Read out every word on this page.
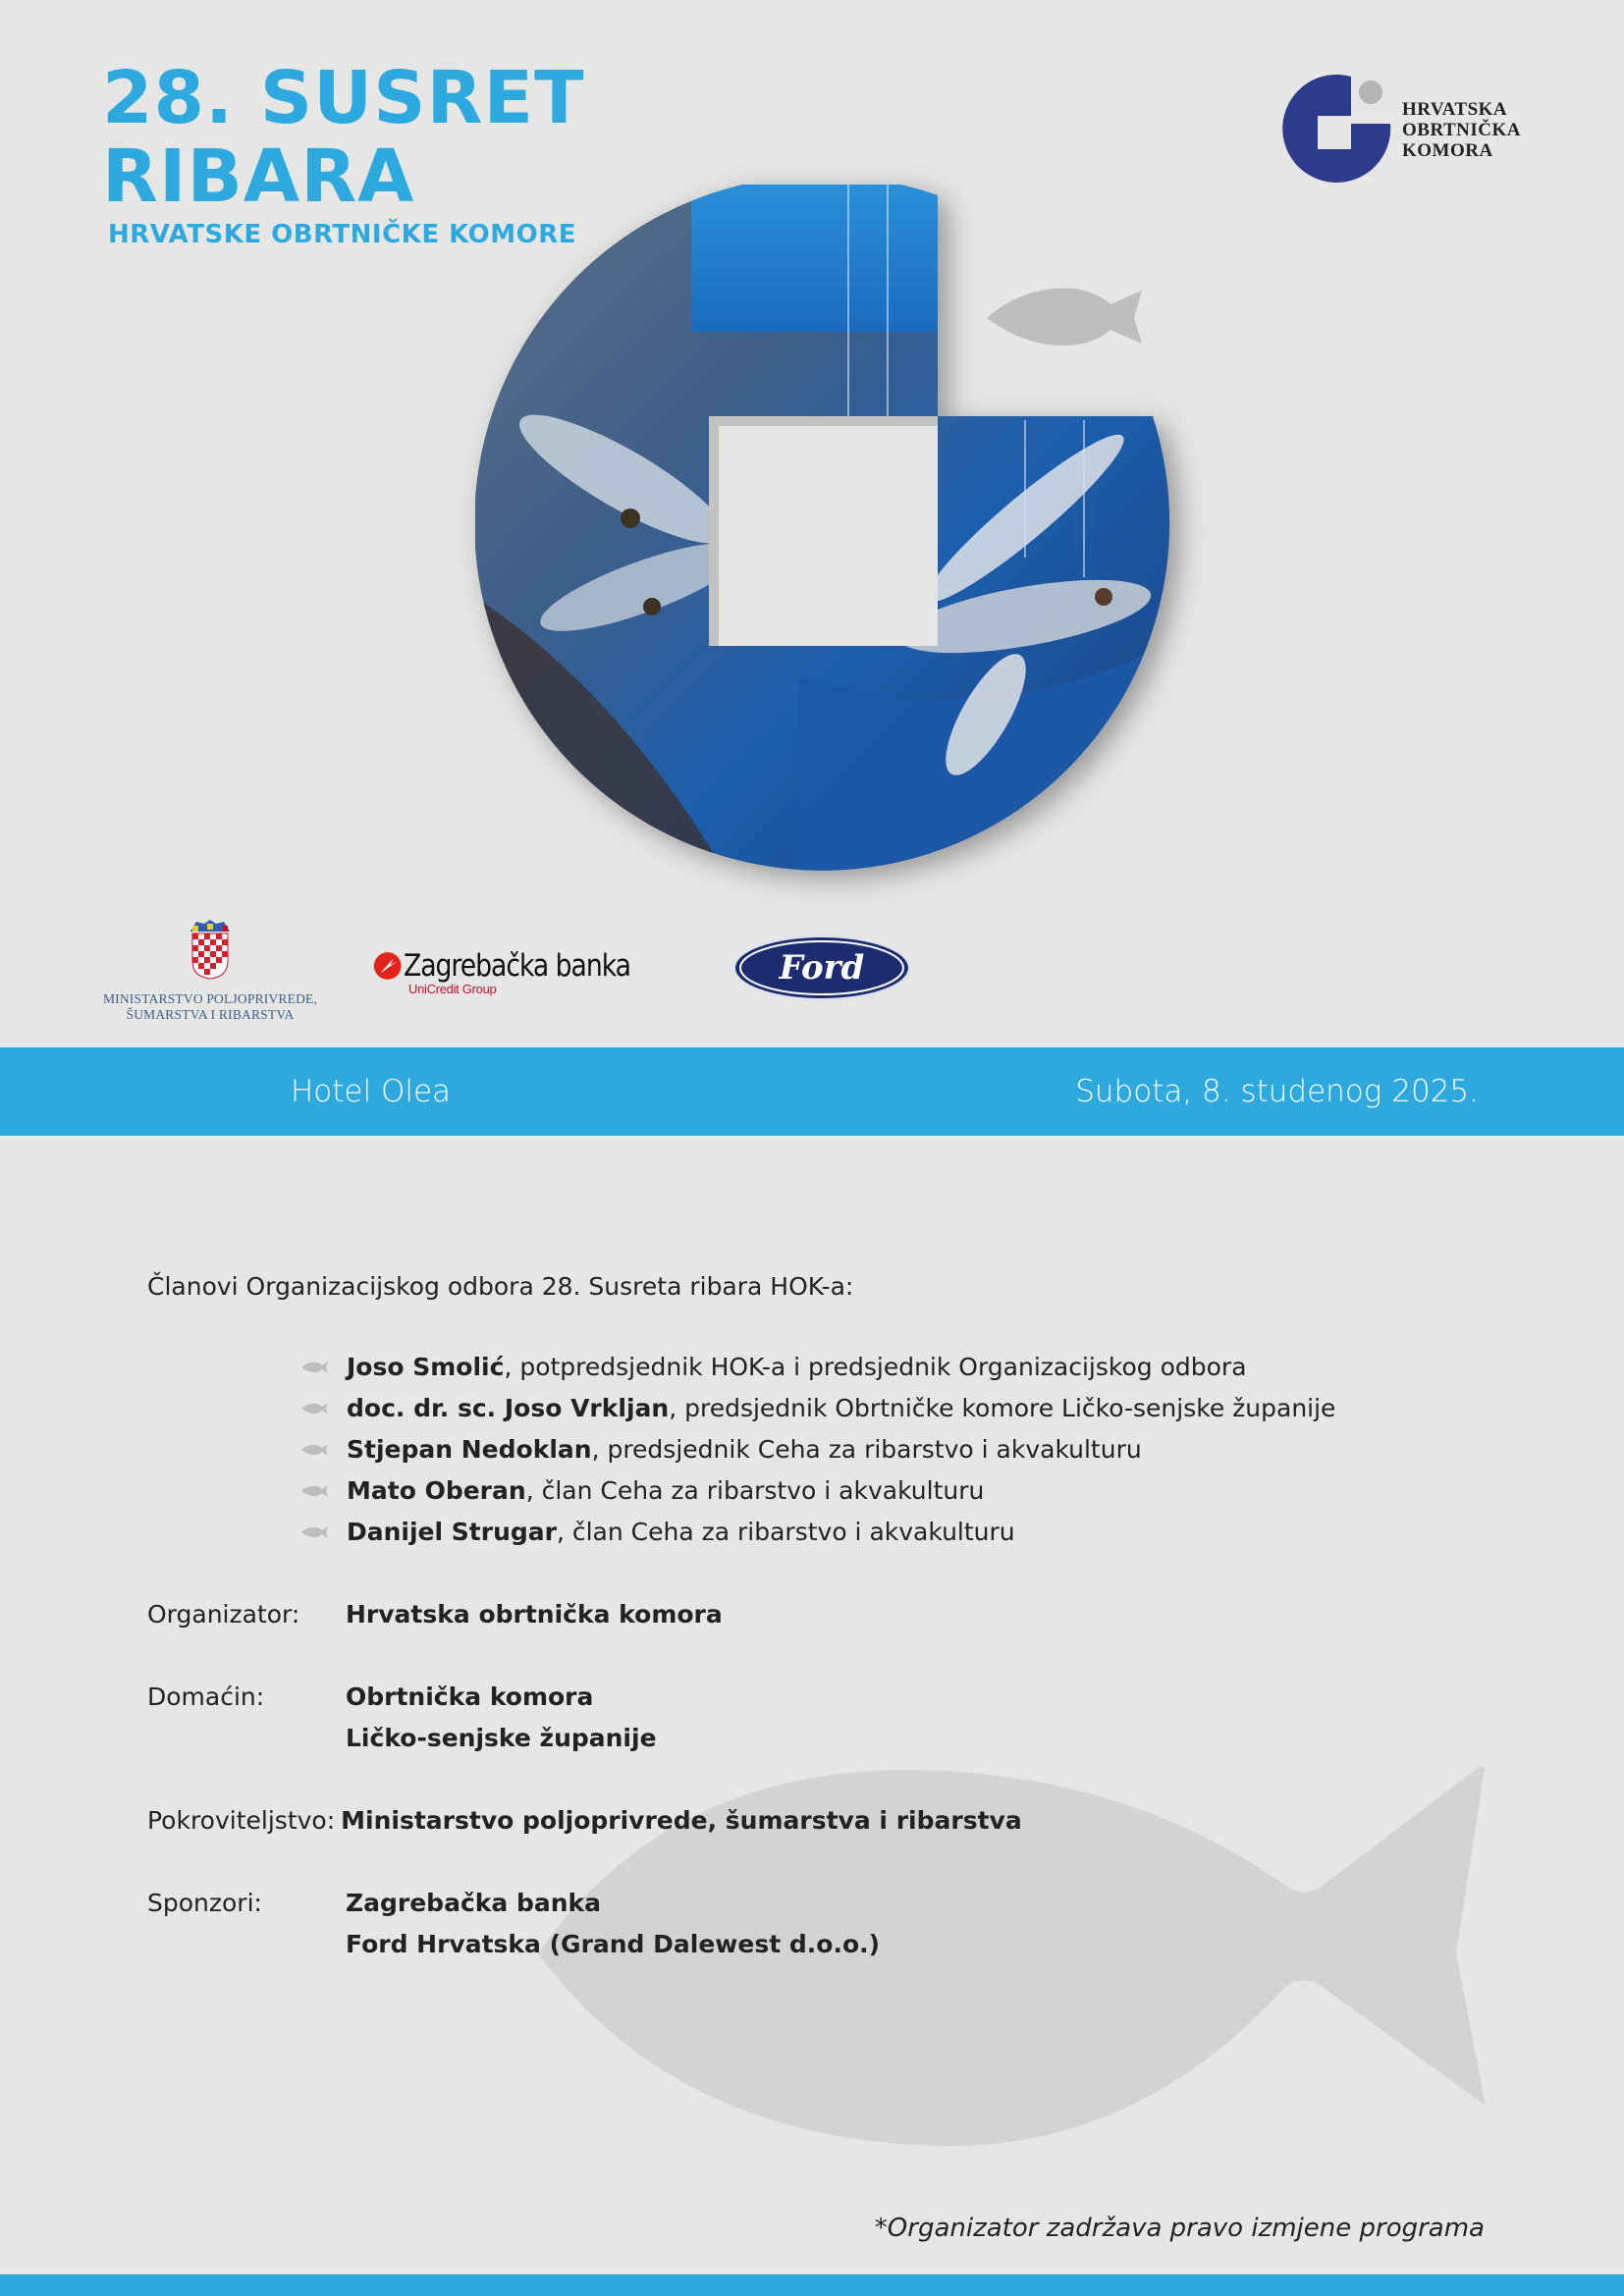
28. SUSRET
RIBARA
HRVATSKE OBRTNIČKE KOMORE
HRVATSKA
OBRTNIČKA
KOMORA
MINISTARSTVO POLJOPRIVREDE,
ŠUMARSTVA I RIBARSTVA
Zagrebačka banka
UniCredit Group
Ford
Hotel Olea	Subota, 8. studenog 2025.

Članovi Organizacijskog odbora 28. Susreta ribara HOK-a:

Joso Smolić, potpredsjednik HOK-a i predsjednik Organizacijskog odbora
doc. dr. sc. Joso Vrkljan, predsjednik Obrtničke komore Ličko-senjske županije
Stjepan Nedoklan, predsjednik Ceha za ribarstvo i akvakulturu
Mato Oberan, član Ceha za ribarstvo i akvakulturu
Danijel Strugar, član Ceha za ribarstvo i akvakulturu
Organizator:	Hrvatska obrtnička komora
Domaćin:	Obrtnička komora
Ličko-senjske županije
Pokroviteljstvo: Ministarstvo poljoprivrede, šumarstva i ribarstva
Sponzori:	Zagrebačka banka
Ford Hrvatska (Grand Dalewest d.o.o.)
*Organizator zadržava pravo izmjene programa
